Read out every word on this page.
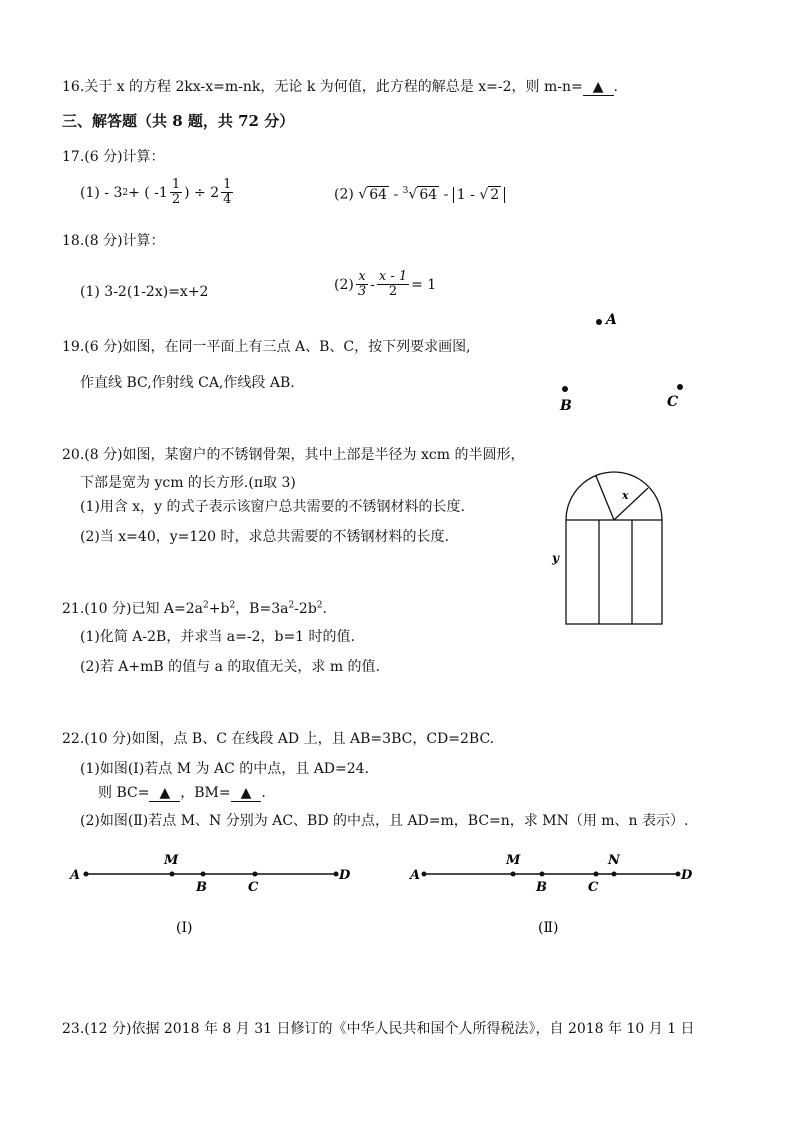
16.关于 x 的方程 2kx-x=m-nk，无论 k 为何值，此方程的解总是 x=-2，则 m-n= ▲ .
三、解答题（共 8 题，共 72 分）
17.(6 分)计算：
(1) - 3 2 + ( $-1 \frac{1}{2}$ ) ÷ $2 \frac{1}{4}$	(2) √ 64 - $^3$√ 64 - 1 - √ 2
18.(8 分)计算：
(1) 3-2(1-2x)=x+2	$(2) \frac{x}{3} - \frac{x - 1}{2} = 1$
19.(6 分)如图，在同一平面上有三点 A、B、C，按下列要求画图,
作直线 BC,作射线 CA,作线段 AB.
A
B	C
20.(8 分)如图，某窗户的不锈钢骨架，其中上部是半径为 xcm 的半圆形，
下部是宽为 ycm 的长方形.(π取 3)
(1)用含 x，y 的式子表示该窗户总共需要的不锈钢材料的长度.
(2)当 x=40，y=120 时，求总共需要的不锈钢材料的长度.
x
y
21.(10 分)已知 $A=2a^2+b^2$，$B=3a^2-2b^2$.
(1)化简 A-2B，并求当 a=-2，b=1 时的值.
(2)若 A+mB 的值与 a 的取值无关，求 m 的值.
22.(10 分)如图，点 B、C 在线段 AD 上，且 AB=3BC，CD=2BC.
(1)如图(Ⅰ)若点 M 为 AC 的中点，且 AD=24.
则 BC= ▲ ，BM= ▲ .
(2)如图(Ⅱ)若点 M、N 分别为 AC、BD 的中点，且 AD=m，BC=n，求 MN（用 m、n 表示）.
A
M
B	C
D
(Ⅰ)
A
M
B	C
N
D
(Ⅱ)
23.(12 分)依据 2018 年 8 月 31 日修订的《中华人民共和国个人所得税法》，自 2018 年 10 月 1 日
